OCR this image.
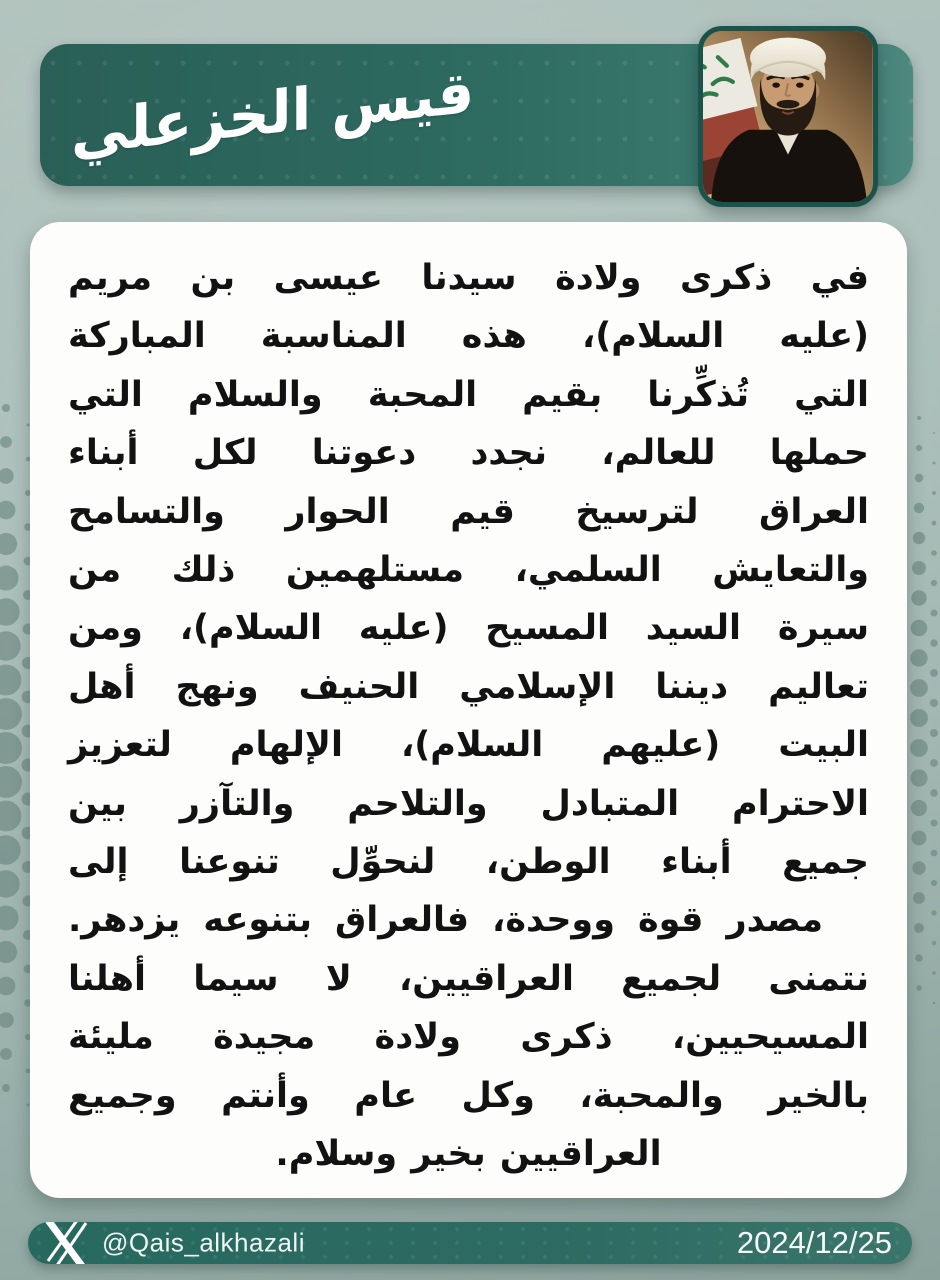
قيس الخزعلي
في ذكرى ولادة سيدنا عيسى بن مريم
(عليه السلام)، هذه المناسبة المباركة
التي تُذكِّرنا بقيم المحبة والسلام التي
حملها للعالم، نجدد دعوتنا لكل أبناء
العراق لترسيخ قيم الحوار والتسامح
والتعايش السلمي، مستلهمين ذلك من
سيرة السيد المسيح (عليه السلام)، ومن
تعاليم ديننا الإسلامي الحنيف ونهج أهل
البيت (عليهم السلام)، الإلهام لتعزيز
الاحترام المتبادل والتلاحم والتآزر بين
جميع أبناء الوطن، لنحوِّل تنوعنا إلى
مصدر قوة ووحدة، فالعراق بتنوعه يزدهر.
نتمنى لجميع العراقيين، لا سيما أهلنا
المسيحيين، ذكرى ولادة مجيدة مليئة
بالخير والمحبة، وكل عام وأنتم وجميع
العراقيين بخير وسلام.
@Qais_alkhazali	2024/12/25
